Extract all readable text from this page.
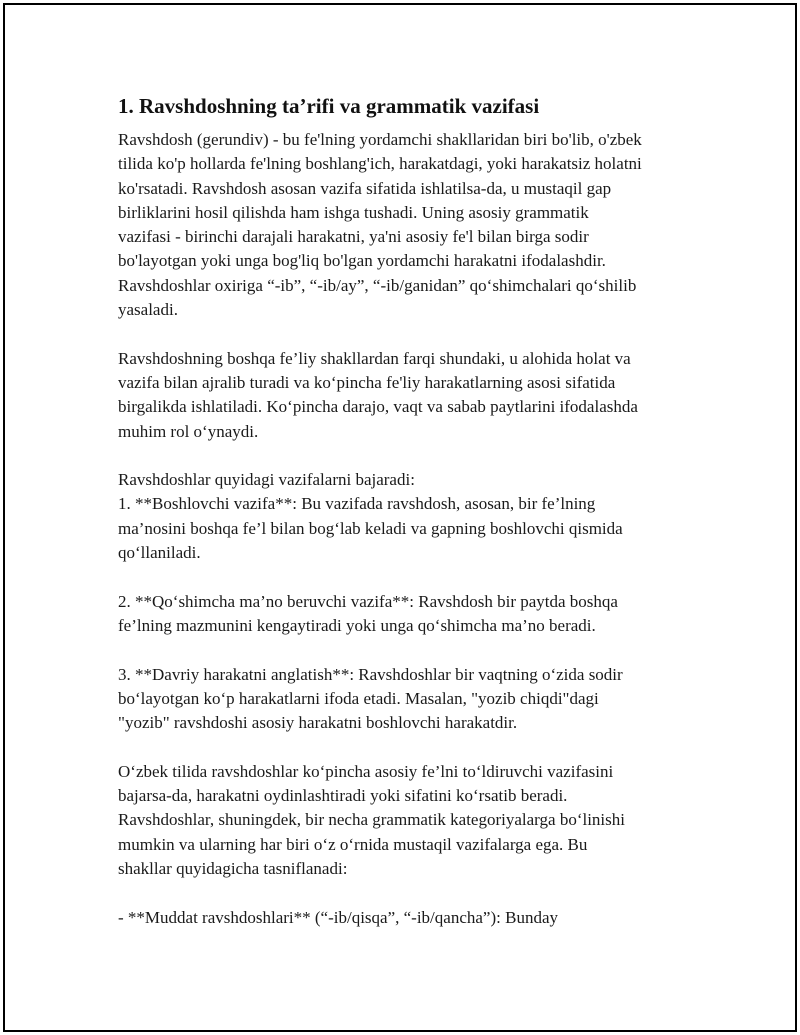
1. Ravshdoshning ta’rifi va grammatik vazifasi

Ravshdosh (gerundiv) - bu fe'lning yordamchi shakllaridan biri bo'lib, o'zbek
tilida ko'p hollarda fe'lning boshlang'ich, harakatdagi, yoki harakatsiz holatni
ko'rsatadi. Ravshdosh asosan vazifa sifatida ishlatilsa-da, u mustaqil gap
birliklarini hosil qilishda ham ishga tushadi. Uning asosiy grammatik
vazifasi - birinchi darajali harakatni, ya'ni asosiy fe'l bilan birga sodir
bo'layotgan yoki unga bog'liq bo'lgan yordamchi harakatni ifodalashdir.
Ravshdoshlar oxiriga “-ib”, “-ib/ay”, “-ib/ganidan” qo‘shimchalari qo‘shilib
yasaladi.

Ravshdoshning boshqa fe’liy shakllardan farqi shundaki, u alohida holat va
vazifa bilan ajralib turadi va ko‘pincha fe'liy harakatlarning asosi sifatida
birgalikda ishlatiladi. Ko‘pincha darajo, vaqt va sabab paytlarini ifodalashda
muhim rol o‘ynaydi.

Ravshdoshlar quyidagi vazifalarni bajaradi:
1. **Boshlovchi vazifa**: Bu vazifada ravshdosh, asosan, bir fe’lning
ma’nosini boshqa fe’l bilan bog‘lab keladi va gapning boshlovchi qismida
qo‘llaniladi.

2. **Qo‘shimcha ma’no beruvchi vazifa**: Ravshdosh bir paytda boshqa
fe’lning mazmunini kengaytiradi yoki unga qo‘shimcha ma’no beradi.

3. **Davriy harakatni anglatish**: Ravshdoshlar bir vaqtning o‘zida sodir
bo‘layotgan ko‘p harakatlarni ifoda etadi. Masalan, "yozib chiqdi"dagi
"yozib" ravshdoshi asosiy harakatni boshlovchi harakatdir.

O‘zbek tilida ravshdoshlar ko‘pincha asosiy fe’lni to‘ldiruvchi vazifasini
bajarsa-da, harakatni oydinlashtiradi yoki sifatini ko‘rsatib beradi.
Ravshdoshlar, shuningdek, bir necha grammatik kategoriyalarga bo‘linishi
mumkin va ularning har biri o‘z o‘rnida mustaqil vazifalarga ega. Bu
shakllar quyidagicha tasniflanadi:

- **Muddat ravshdoshlari** (“-ib/qisqa”, “-ib/qancha”): Bunday
